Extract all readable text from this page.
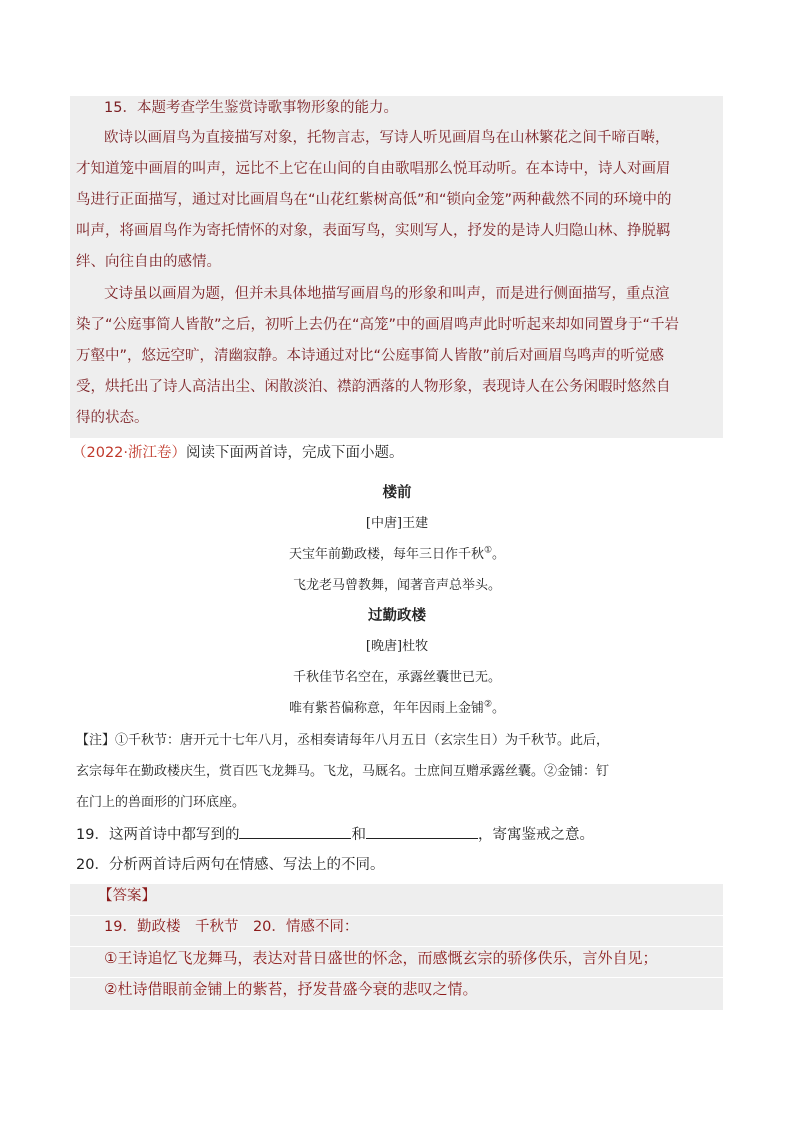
15．本题考查学生鉴赏诗歌事物形象的能力。
欧诗以画眉鸟为直接描写对象，托物言志，写诗人听见画眉鸟在山林繁花之间千啼百啭，
才知道笼中画眉的叫声，远比不上它在山间的自由歌唱那么悦耳动听。在本诗中，诗人对画眉
鸟进行正面描写，通过对比画眉鸟在“山花红紫树高低”和“锁向金笼”两种截然不同的环境中的
叫声，将画眉鸟作为寄托情怀的对象，表面写鸟，实则写人，抒发的是诗人归隐山林、挣脱羁
绊、向往自由的感情。
文诗虽以画眉为题，但并未具体地描写画眉鸟的形象和叫声，而是进行侧面描写，重点渲
染了“公庭事简人皆散”之后，初听上去仍在“高笼”中的画眉鸣声此时听起来却如同置身于“千岩
万壑中”，悠远空旷，清幽寂静。本诗通过对比“公庭事简人皆散”前后对画眉鸟鸣声的听觉感
受，烘托出了诗人高洁出尘、闲散淡泊、襟韵洒落的人物形象，表现诗人在公务闲暇时悠然自
得的状态。
（2022·浙江卷）阅读下面两首诗，完成下面小题。
楼前
[中唐]王建
天宝年前勤政楼，每年三日作千秋①。
飞龙老马曾教舞，闻著音声总举头。
过勤政楼
[晚唐]杜牧
千秋佳节名空在，承露丝囊世已无。
唯有紫苔偏称意，年年因雨上金铺②。
【注】①千秋节：唐开元十七年八月，丞相奏请每年八月五日（玄宗生日）为千秋节。此后，
玄宗每年在勤政楼庆生，赏百匹飞龙舞马。飞龙，马厩名。士庶间互赠承露丝囊。②金铺：钉
在门上的兽面形的门环底座。
19．这两首诗中都写到的	和	，寄寓鉴戒之意。
20．分析两首诗后两句在情感、写法上的不同。
【答案】
19．勤政楼　千秋节　20．情感不同：
①王诗追忆飞龙舞马，表达对昔日盛世的怀念，而感慨玄宗的骄侈佚乐，言外自见；
②杜诗借眼前金铺上的紫苔，抒发昔盛今衰的悲叹之情。
